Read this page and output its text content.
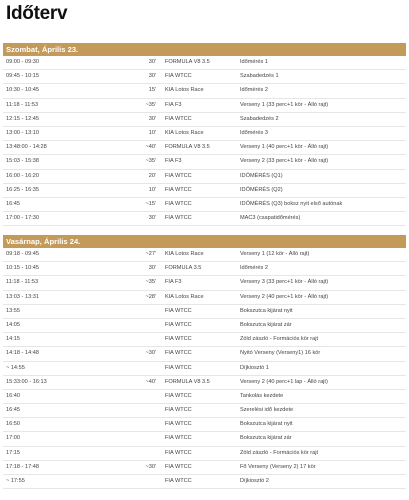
Időterv
Szombat, Április 23.
09:00 - 09:30	30' FORMULA V8 3.5	Időmérés 1
09:45 - 10:15	30' FIA WTCC	Szabadedzés 1
10:30 - 10:45	15' KIA Lotos Race	Időmérés 2
11:18 - 11:53	~35' FIA F3	Verseny 1 (33 perc+1 kör - Álló rajt)
12:15 - 12:45	30' FIA WTCC	Szabadedzés 2
13:00 - 13:10	10' KIA Lotos Race	Időmérés 3
13:48:00 - 14:28	~40' FORMULA V8 3.5	Verseny 1 (40 perc+1 kör - Álló rajt)
15:03 - 15:38	~35' FIA F3	Verseny 2 (33 perc+1 kör - Álló rajt)
16:00 - 16:20	20' FIA WTCC	IDŐMÉRÉS (Q1)
16:25 - 16:35	10' FIA WTCC	IDŐMÉRÉS (Q2)
16:45	~15' FIA WTCC	IDŐMÉRÉS (Q3) boksz nyit első autónak
17:00 - 17:30	30' FIA WTCC	MAC3 (csapatidőmérés)
Vasárnap, Április 24.
09:18 - 09:45	~27' KIA Lotos Race	Verseny 1 (12 kör - Álló rajt)
10:15 - 10:45	30' FORMULA 3.5	Időmérés 2
11:18 - 11:53	~35' FIA F3	Verseny 3 (33 perc+1 kör - Álló rajt)
13:03 - 13:31	~28' KIA Lotos Race	Verseny 2 (40 perc+1 kör - Álló rajt)
13:55	FIA WTCC	Bokszutca kijárat nyit
14:05	FIA WTCC	Bokszutca kijárat zár
14:15	FIA WTCC	Zöld zászló - Formációs kör rajt
14:18 - 14:48	~30' FIA WTCC	Nyitó Verseny (Verseny1) 16 kör
~ 14:55	FIA WTCC	Díjkiosztó 1
15:33:00 - 16:13	~40' FORMULA V8 3.5	Verseny 2 (40 perc+1 lap - Álló rajt)
16:40	FIA WTCC	Tankolás kezdete
16:45	FIA WTCC	Szerelési idő kezdete
16:50	FIA WTCC	Bokszutca kijárat nyit
17:00	FIA WTCC	Bokszutca kijárat zár
17:15	FIA WTCC	Zöld zászló - Formációs kör rajt
17:18 - 17:48	~30' FIA WTCC	Fő Verseny (Verseny 2) 17 kör
~ 17:55	FIA WTCC	Díjkiosztó 2
